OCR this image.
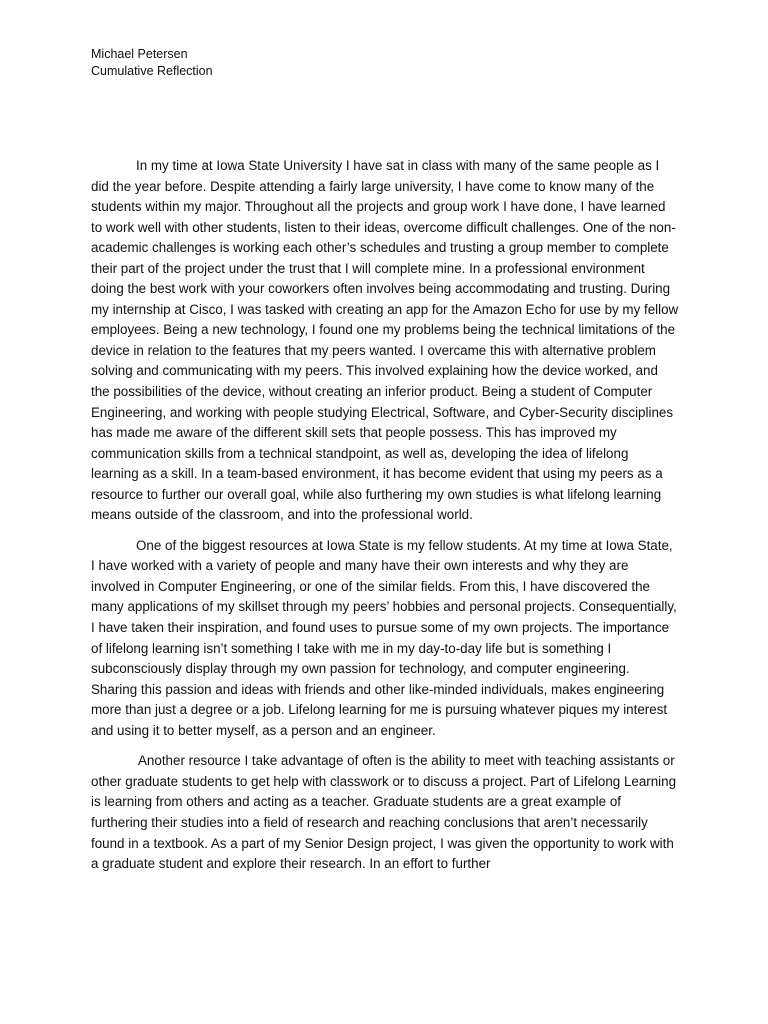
Michael Petersen
Cumulative Reflection

In my time at Iowa State University I have sat in class with many of the same people as I did the year before. Despite attending a fairly large university, I have come to know many of the students within my major. Throughout all the projects and group work I have done, I have learned to work well with other students, listen to their ideas, overcome difficult challenges. One of the non-academic challenges is working each other’s schedules and trusting a group member to complete their part of the project under the trust that I will complete mine. In a professional environment doing the best work with your coworkers often involves being accommodating and trusting. During my internship at Cisco, I was tasked with creating an app for the Amazon Echo for use by my fellow employees. Being a new technology, I found one my problems being the technical limitations of the device in relation to the features that my peers wanted. I overcame this with alternative problem solving and communicating with my peers. This involved explaining how the device worked, and the possibilities of the device, without creating an inferior product. Being a student of Computer Engineering, and working with people studying Electrical, Software, and Cyber-Security disciplines has made me aware of the different skill sets that people possess. This has improved my communication skills from a technical standpoint, as well as, developing the idea of lifelong learning as a skill. In a team-based environment, it has become evident that using my peers as a resource to further our overall goal, while also furthering my own studies is what lifelong learning means outside of the classroom, and into the professional world.

One of the biggest resources at Iowa State is my fellow students. At my time at Iowa State, I have worked with a variety of people and many have their own interests and why they are involved in Computer Engineering, or one of the similar fields. From this, I have discovered the many applications of my skillset through my peers’ hobbies and personal projects. Consequentially, I have taken their inspiration, and found uses to pursue some of my own projects. The importance of lifelong learning isn’t something I take with me in my day-to-day life but is something I subconsciously display through my own passion for technology, and computer engineering. Sharing this passion and ideas with friends and other like-minded individuals, makes engineering more than just a degree or a job. Lifelong learning for me is pursuing whatever piques my interest and using it to better myself, as a person and an engineer.

Another resource I take advantage of often is the ability to meet with teaching assistants or other graduate students to get help with classwork or to discuss a project. Part of Lifelong Learning is learning from others and acting as a teacher. Graduate students are a great example of furthering their studies into a field of research and reaching conclusions that aren’t necessarily found in a textbook. As a part of my Senior Design project, I was given the opportunity to work with a graduate student and explore their research. In an effort to further
